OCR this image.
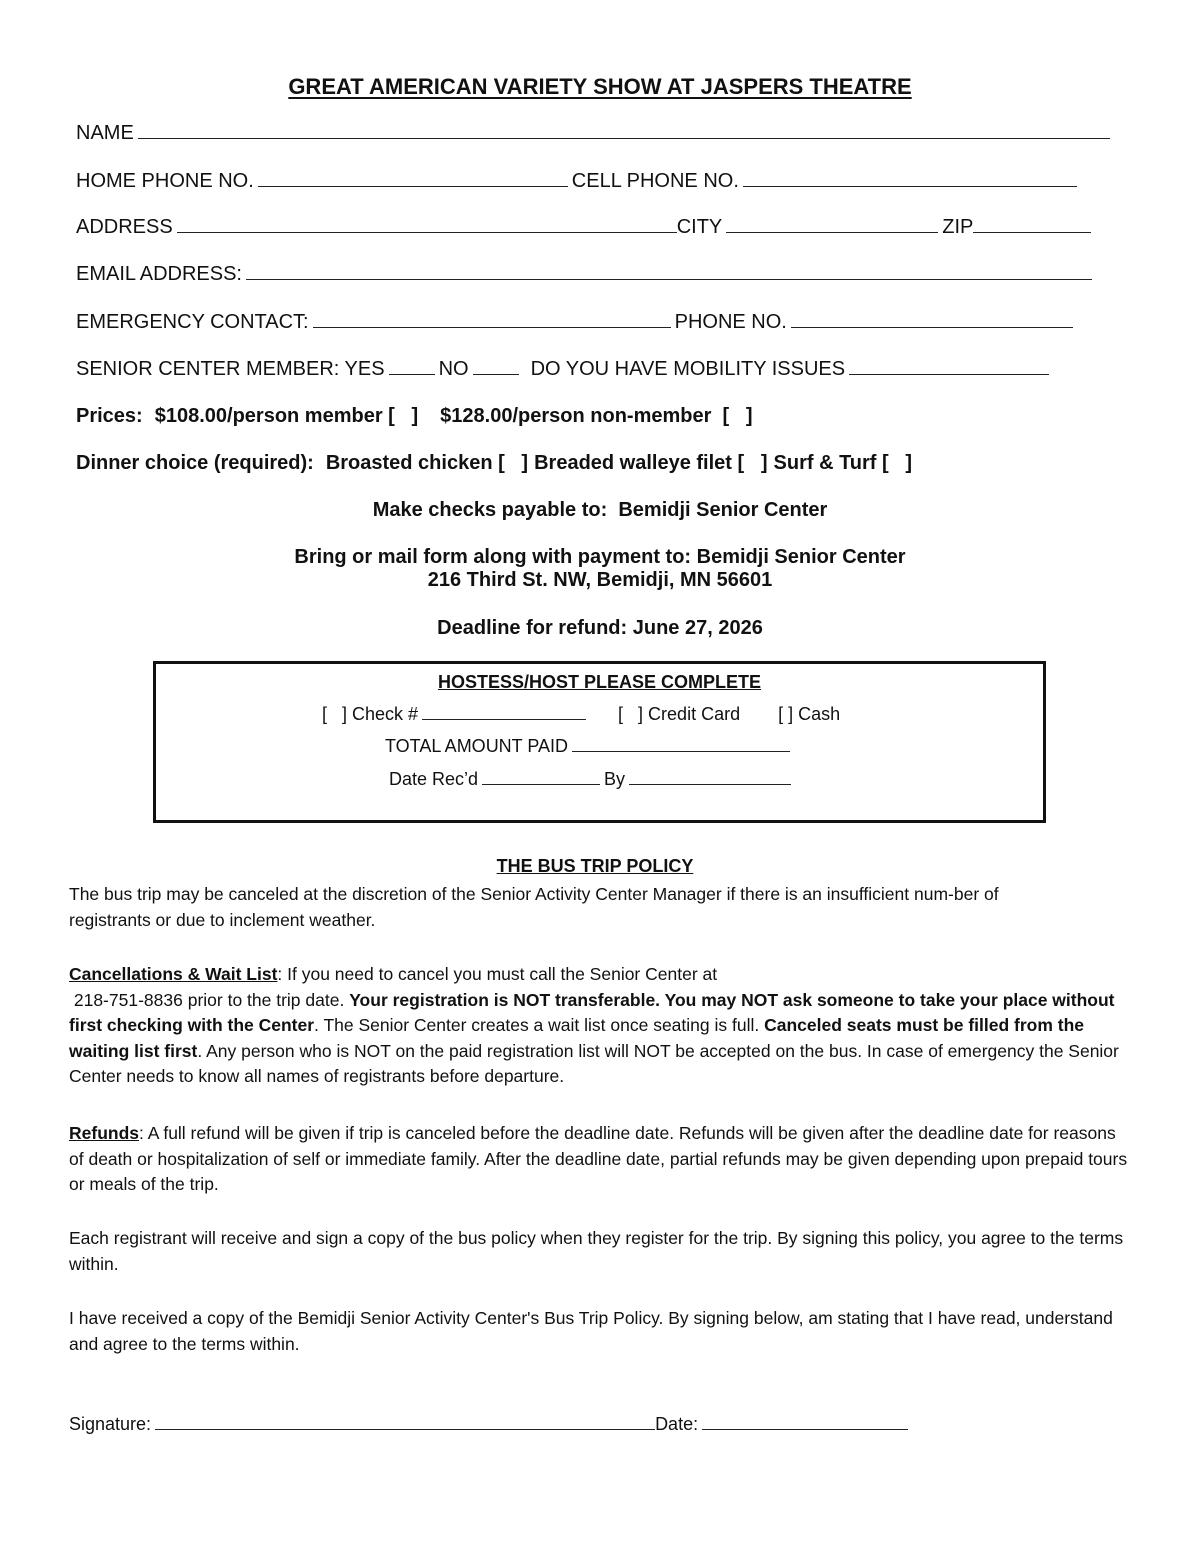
GREAT AMERICAN VARIETY SHOW AT JASPERS THEATRE
NAME
HOME PHONE NO.	CELL PHONE NO.
ADDRESS	CITY	ZIP
EMAIL ADDRESS:
EMERGENCY CONTACT:	PHONE NO.
SENIOR CENTER MEMBER: YES	NO	DO YOU HAVE MOBILITY ISSUES
Prices: $108.00/person member [   ] $128.00/person non-member  [   ]
Dinner choice (required): Broasted chicken [   ] Breaded walleye filet [   ] Surf & Turf [   ]
Make checks payable to:  Bemidji Senior Center
Bring or mail form along with payment to: Bemidji Senior Center
216 Third St. NW, Bemidji, MN 56601
Deadline for refund: June 27, 2026
HOSTESS/HOST PLEASE COMPLETE
[   ] Check #	[   ] Credit Card [ ] Cash
TOTAL AMOUNT PAID
Date Rec’d	By
THE BUS TRIP POLICY
The bus trip may be canceled at the discretion of the Senior Activity Center Manager if there is an insufficient num-ber of registrants or due to inclement weather.
Cancellations & Wait List: If you need to cancel you must call the Senior Center at
218-751-8836 prior to the trip date. Your registration is NOT transferable. You may NOT ask someone to take your place without first checking with the Center. The Senior Center creates a wait list once seating is full. Canceled seats must be filled from the waiting list first. Any person who is NOT on the paid registration list will NOT be accepted on the bus. In case of emergency the Senior Center needs to know all names of registrants before departure.
Refunds: A full refund will be given if trip is canceled before the deadline date. Refunds will be given after the deadline date for reasons of death or hospitalization of self or immediate family. After the deadline date, partial refunds may be given depending upon prepaid tours or meals of the trip.
Each registrant will receive and sign a copy of the bus policy when they register for the trip. By signing this policy, you agree to the terms within.
I have received a copy of the Bemidji Senior Activity Center's Bus Trip Policy. By signing below, am stating that I have read, understand and agree to the terms within.
Signature:	Date:
